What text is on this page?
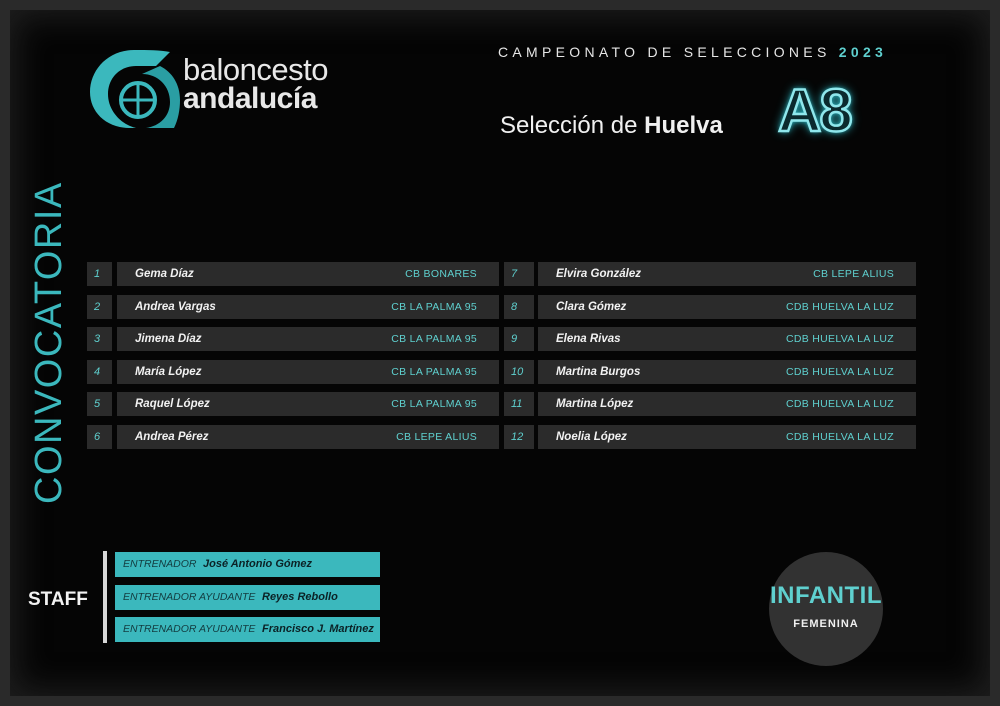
baloncesto
andalucía
CAMPEONATO DE SELECCIONES 2023
Selección de Huelva A8
CONVOCATORIA	1	Gema Díaz	CB BONARES
2	Andrea Vargas	CB LA PALMA 95
3	Jimena Díaz	CB LA PALMA 95
4	María López	CB LA PALMA 95
5	Raquel López	CB LA PALMA 95
6	Andrea Pérez	CB LEPE ALIUS
7	Elvira González	CB LEPE ALIUS
8	Clara Gómez	CDB HUELVA LA LUZ
9	Elena Rivas	CDB HUELVA LA LUZ
10	Martina Burgos	CDB HUELVA LA LUZ
11	Martina López	CDB HUELVA LA LUZ
12	Noelia López	CDB HUELVA LA LUZ
STAFF
ENTRENADOR José Antonio Gómez
ENTRENADOR AYUDANTE Reyes Rebollo
ENTRENADOR AYUDANTE Francisco J. Martínez
INFANTIL
FEMENINA
